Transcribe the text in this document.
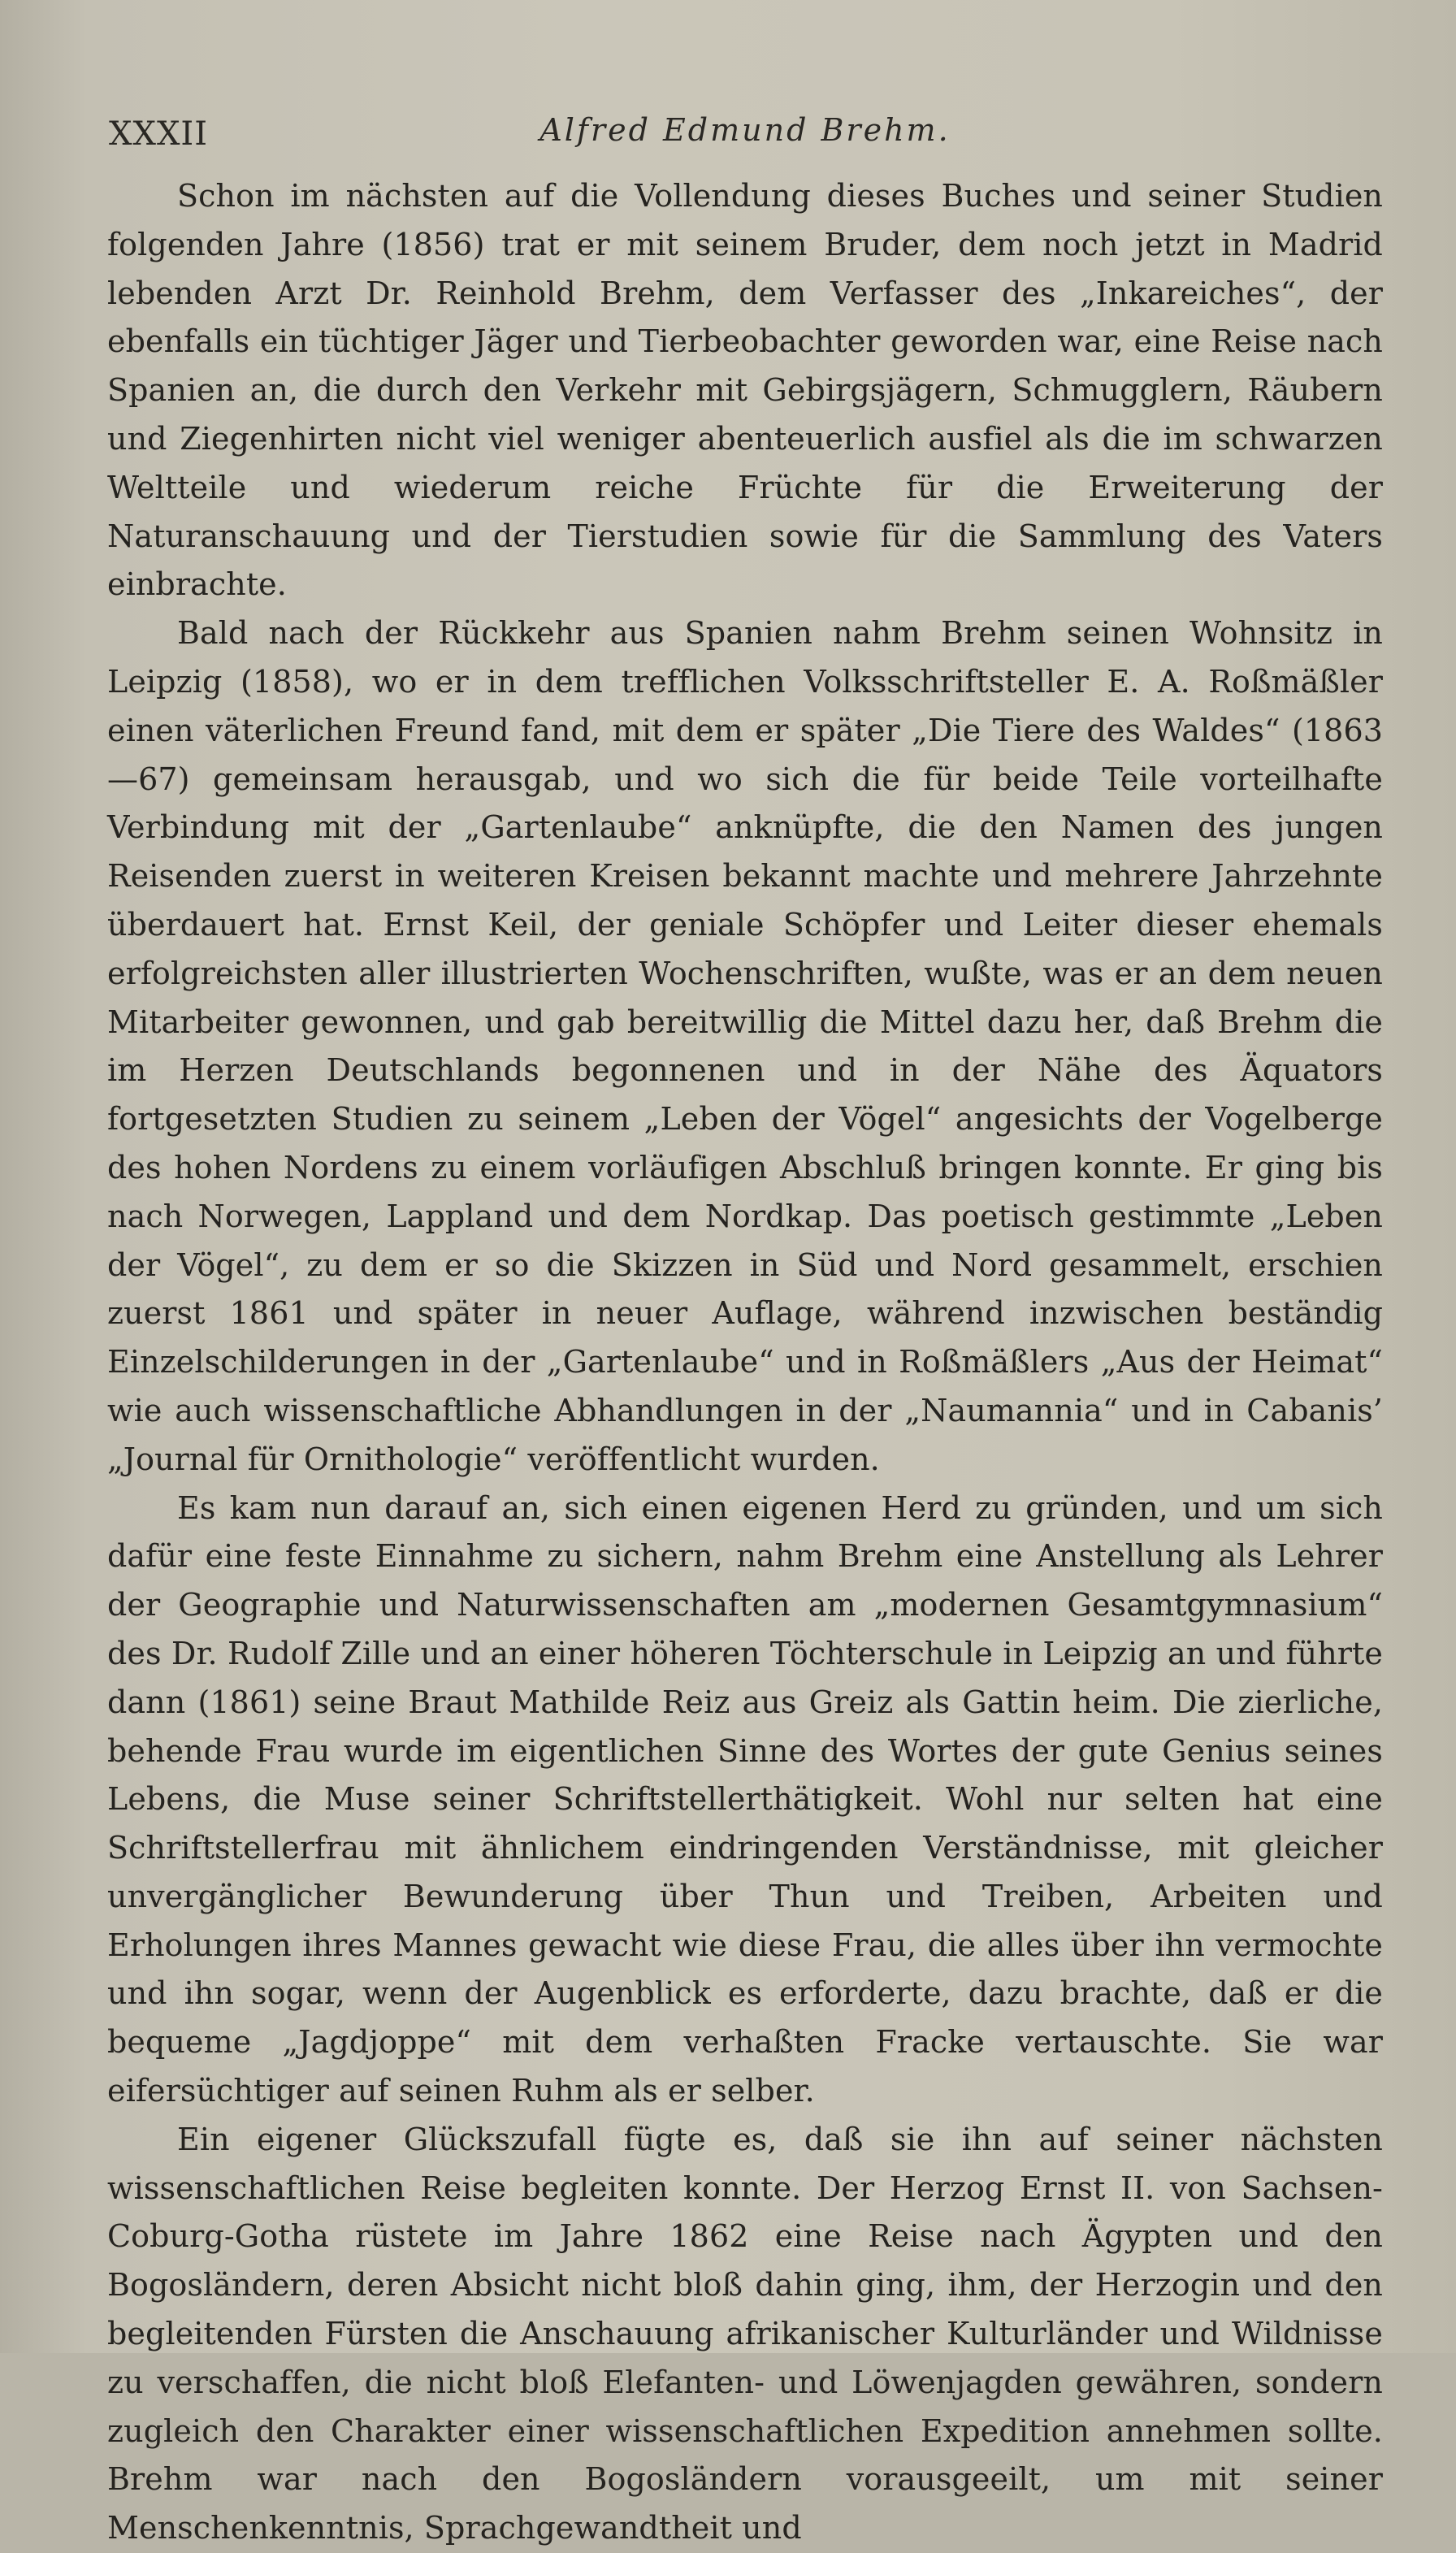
XXXII	Alfred Edmund Brehm.

Schon im nächsten auf die Vollendung dieses Buches und seiner Studien folgenden Jahre (1856) trat er mit seinem Bruder, dem noch jetzt in Madrid lebenden Arzt Dr. Reinhold Brehm, dem Verfasser des „Inkareiches“, der ebenfalls ein tüchtiger Jäger und Tierbeobachter geworden war, eine Reise nach Spanien an, die durch den Verkehr mit Gebirgsjägern, Schmugglern, Räubern und Ziegenhirten nicht viel weniger abenteuerlich ausfiel als die im schwarzen Weltteile und wiederum reiche Früchte für die Erweiterung der Naturanschauung und der Tierstudien sowie für die Sammlung des Vaters einbrachte.

Bald nach der Rückkehr aus Spanien nahm Brehm seinen Wohnsitz in Leipzig (1858), wo er in dem trefflichen Volksschriftsteller E. A. Roßmäßler einen väterlichen Freund fand, mit dem er später „Die Tiere des Waldes“ (1863—67) gemeinsam herausgab, und wo sich die für beide Teile vorteilhafte Verbindung mit der „Gartenlaube“ anknüpfte, die den Namen des jungen Reisenden zuerst in weiteren Kreisen bekannt machte und mehrere Jahrzehnte überdauert hat. Ernst Keil, der geniale Schöpfer und Leiter dieser ehemals erfolgreichsten aller illustrierten Wochenschriften, wußte, was er an dem neuen Mitarbeiter gewonnen, und gab bereitwillig die Mittel dazu her, daß Brehm die im Herzen Deutschlands begonnenen und in der Nähe des Äquators fortgesetzten Studien zu seinem „Leben der Vögel“ angesichts der Vogelberge des hohen Nordens zu einem vorläufigen Abschluß bringen konnte. Er ging bis nach Norwegen, Lappland und dem Nordkap. Das poetisch gestimmte „Leben der Vögel“, zu dem er so die Skizzen in Süd und Nord gesammelt, erschien zuerst 1861 und später in neuer Auflage, während inzwischen beständig Einzelschilderungen in der „Gartenlaube“ und in Roßmäßlers „Aus der Heimat“ wie auch wissenschaftliche Abhandlungen in der „Naumannia“ und in Cabanis’ „Journal für Ornithologie“ veröffentlicht wurden.

Es kam nun darauf an, sich einen eigenen Herd zu gründen, und um sich dafür eine feste Einnahme zu sichern, nahm Brehm eine Anstellung als Lehrer der Geographie und Naturwissenschaften am „modernen Gesamtgymnasium“ des Dr. Rudolf Zille und an einer höheren Töchterschule in Leipzig an und führte dann (1861) seine Braut Mathilde Reiz aus Greiz als Gattin heim. Die zierliche, behende Frau wurde im eigentlichen Sinne des Wortes der gute Genius seines Lebens, die Muse seiner Schriftstellerthätigkeit. Wohl nur selten hat eine Schriftstellerfrau mit ähnlichem eindringenden Verständnisse, mit gleicher unvergänglicher Bewunderung über Thun und Treiben, Arbeiten und Erholungen ihres Mannes gewacht wie diese Frau, die alles über ihn vermochte und ihn sogar, wenn der Augenblick es erforderte, dazu brachte, daß er die bequeme „Jagdjoppe“ mit dem verhaßten Fracke vertauschte. Sie war eifersüchtiger auf seinen Ruhm als er selber.

Ein eigener Glückszufall fügte es, daß sie ihn auf seiner nächsten wissenschaftlichen Reise begleiten konnte. Der Herzog Ernst II. von Sachsen-Coburg-Gotha rüstete im Jahre 1862 eine Reise nach Ägypten und den Bogosländern, deren Absicht nicht bloß dahin ging, ihm, der Herzogin und den begleitenden Fürsten die Anschauung afrikanischer Kulturländer und Wildnisse zu verschaffen, die nicht bloß Elefanten- und Löwenjagden gewähren, sondern zugleich den Charakter einer wissenschaftlichen Expedition annehmen sollte. Brehm war nach den Bogosländern vorausgeeilt, um mit seiner Menschenkenntnis, Sprachgewandtheit und
